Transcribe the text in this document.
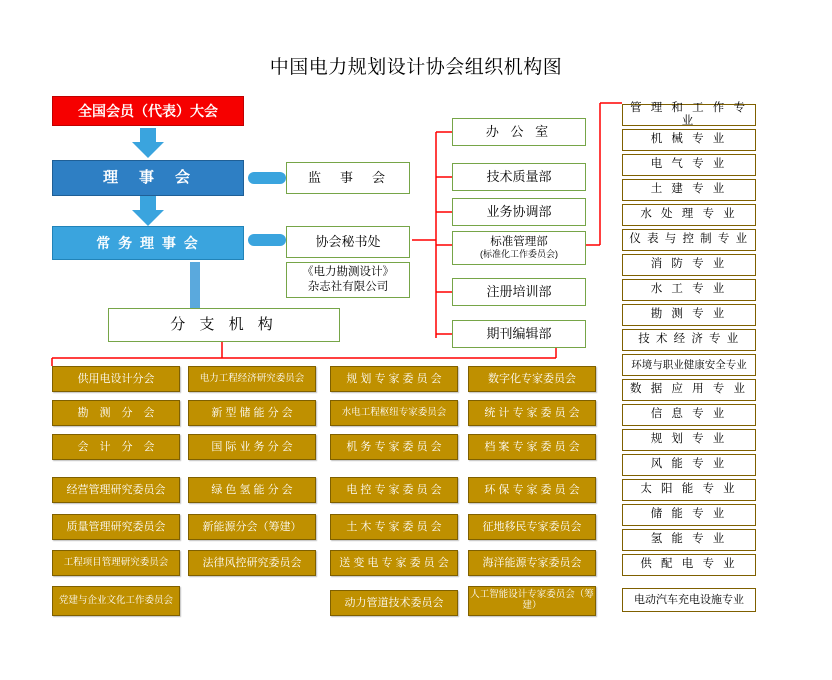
中国电力规划设计协会组织机构图
全国会员（代表）大会
理　事　会	监　事　会
常 务 理 事 会	协会秘书处
《电力勘测设计》
杂志社有限公司
分 支 机 构
办 公 室
技术质量部
业务协调部
标准管理部
(标准化工作委员会)
注册培训部
期刊编辑部
管 理 和 工 作 专 业
机 械 专 业
电 气 专 业
土 建 专 业
水 处 理 专 业
仪 表 与 控 制 专 业
消 防 专 业
水 工 专 业
勘 测 专 业
技 术 经 济 专 业
环境与职业健康安全专业
数 据 应 用 专 业
信 息 专 业
规 划 专 业
风 能 专 业
太 阳 能 专 业
储 能 专 业
氢 能 专 业
供 配 电 专 业
电动汽车充电设施专业
供用电设计分会
勘　测　分　会
会　计　分　会
经营管理研究委员会
质量管理研究委员会
工程项目管理研究委员会
党建与企业文化工作委员会
电力工程经济研究委员会
新 型 储 能 分 会
国 际 业 务 分 会
绿 色 氢 能 分 会
新能源分会（筹建）
法律风控研究委员会
规 划 专 家 委 员 会
水电工程枢纽专家委员会
机 务 专 家 委 员 会
电 控 专 家 委 员 会
土 木 专 家 委 员 会
送 变 电 专 家 委 员 会
动力管道技术委员会
数字化专家委员会
统 计 专 家 委 员 会
档 案 专 家 委 员 会
环 保 专 家 委 员 会
征地移民专家委员会
海洋能源专家委员会
人工智能设计专家委员会（筹建）
